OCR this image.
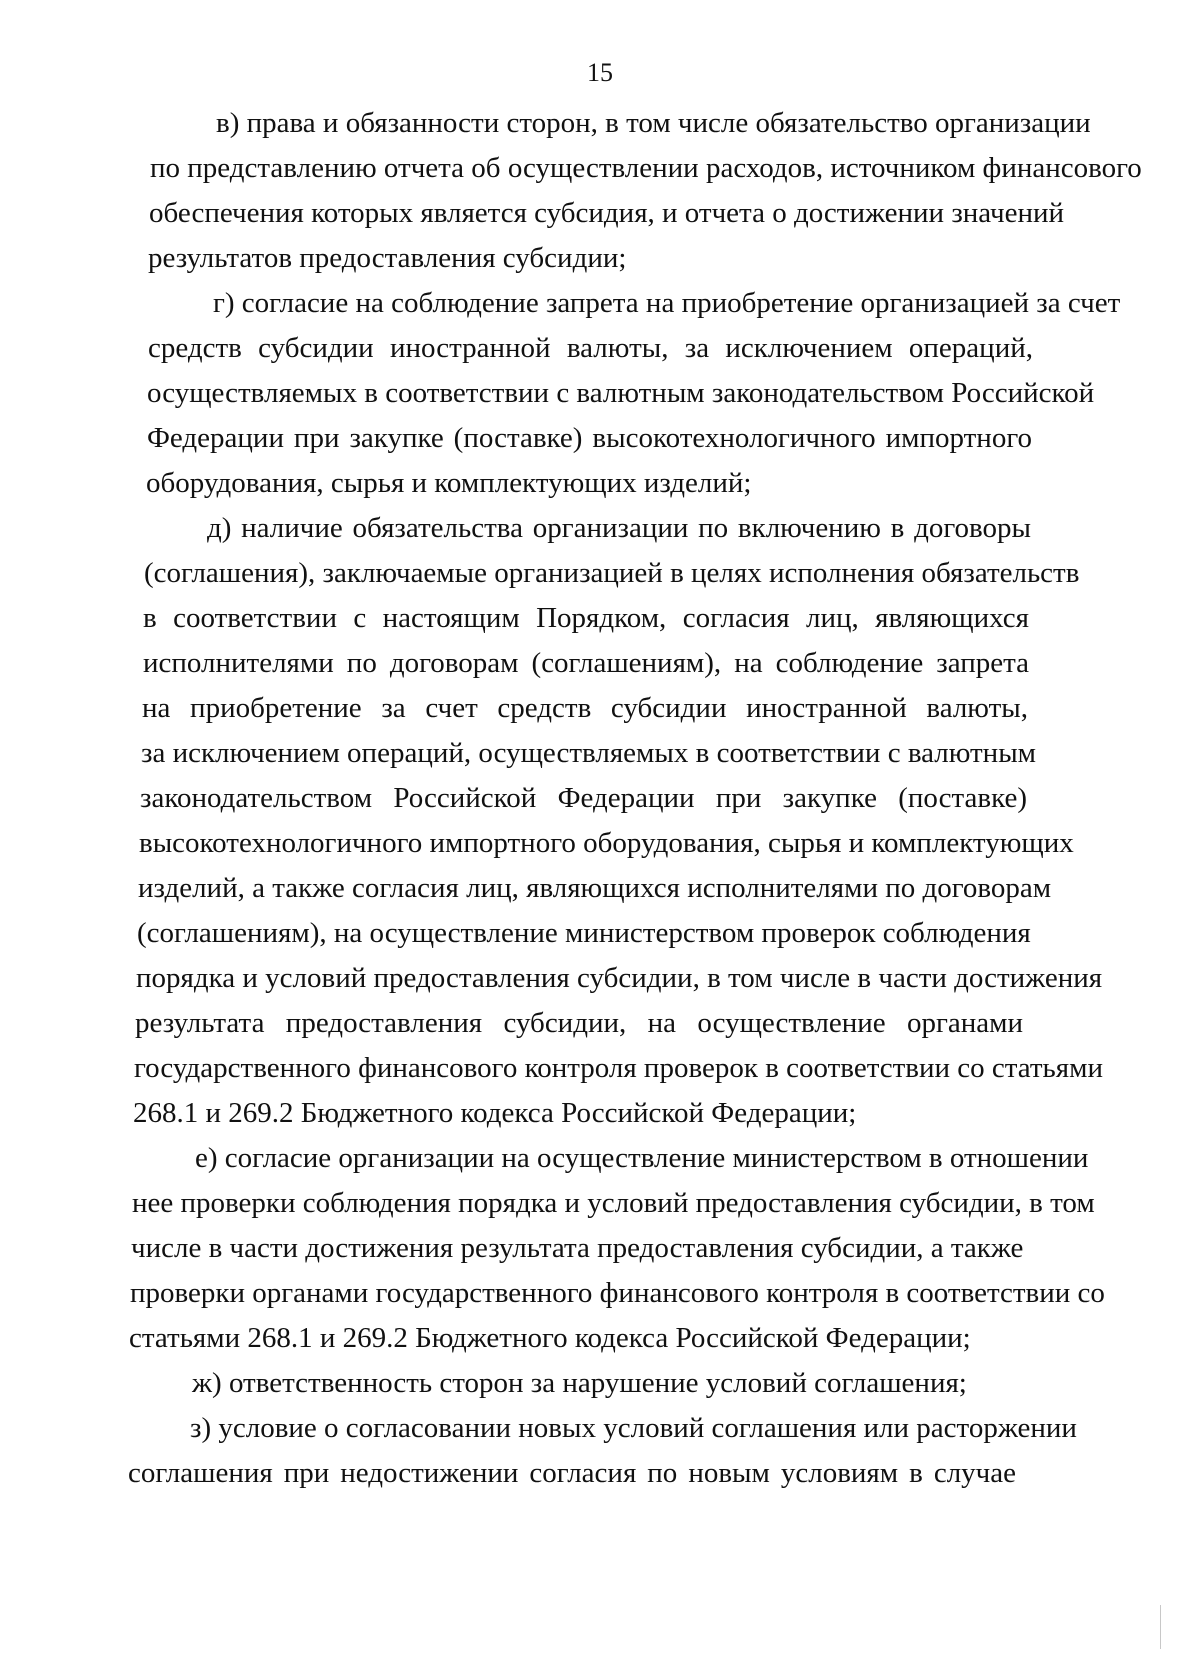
15
в) права и обязанности сторон, в том числе обязательство организации
по представлению отчета об осуществлении расходов, источником финансового
обеспечения которых является субсидия, и отчета о достижении значений
результатов предоставления субсидии;
г) согласие на соблюдение запрета на приобретение организацией за счет
средств субсидии иностранной валюты, за исключением операций,
осуществляемых в соответствии с валютным законодательством Российской
Федерации при закупке (поставке) высокотехнологичного импортного
оборудования, сырья и комплектующих изделий;
д) наличие обязательства организации по включению в договоры
(соглашения), заключаемые организацией в целях исполнения обязательств
в соответствии с настоящим Порядком, согласия лиц, являющихся
исполнителями по договорам (соглашениям), на соблюдение запрета
на приобретение за счет средств субсидии иностранной валюты,
за исключением операций, осуществляемых в соответствии с валютным
законодательством Российской Федерации при закупке (поставке)
высокотехнологичного импортного оборудования, сырья и комплектующих
изделий, а также согласия лиц, являющихся исполнителями по договорам
(соглашениям), на осуществление министерством проверок соблюдения
порядка и условий предоставления субсидии, в том числе в части достижения
результата предоставления субсидии, на осуществление органами
государственного финансового контроля проверок в соответствии со статьями
268.1 и 269.2 Бюджетного кодекса Российской Федерации;
е) согласие организации на осуществление министерством в отношении
нее проверки соблюдения порядка и условий предоставления субсидии, в том
числе в части достижения результата предоставления субсидии, а также
проверки органами государственного финансового контроля в соответствии со
статьями 268.1 и 269.2 Бюджетного кодекса Российской Федерации;
ж) ответственность сторон за нарушение условий соглашения;
з) условие о согласовании новых условий соглашения или расторжении
соглашения при недостижении согласия по новым условиям в случае
